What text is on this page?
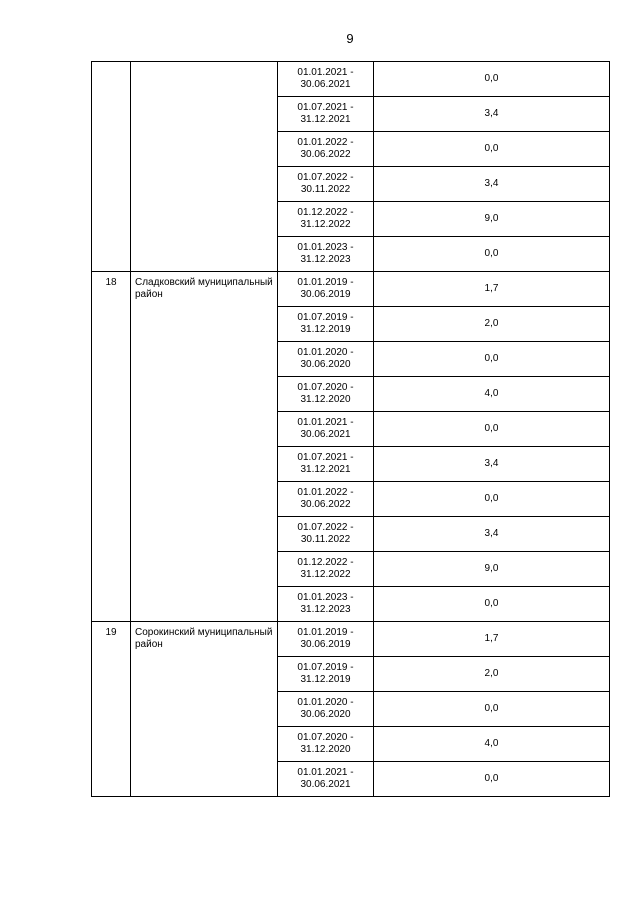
9

		01.01.2021 -
30.06.2021	0,0

		01.07.2021 -
31.12.2021	3,4

		01.01.2022 -
30.06.2022	0,0

		01.07.2022 -
30.11.2022	3,4

		01.12.2022 -
31.12.2022	9,0

		01.01.2023 -
31.12.2023	0,0
18	Сладковский муниципальный район	01.01.2019 -
30.06.2019	1,7

		01.07.2019 -
31.12.2019	2,0

		01.01.2020 -
30.06.2020	0,0

		01.07.2020 -
31.12.2020	4,0

		01.01.2021 -
30.06.2021	0,0

		01.07.2021 -
31.12.2021	3,4

		01.01.2022 -
30.06.2022	0,0

		01.07.2022 -
30.11.2022	3,4

		01.12.2022 -
31.12.2022	9,0

		01.01.2023 -
31.12.2023	0,0
19	Сорокинский муниципальный район	01.01.2019 -
30.06.2019	1,7

		01.07.2019 -
31.12.2019	2,0

		01.01.2020 -
30.06.2020	0,0

		01.07.2020 -
31.12.2020	4,0

		01.01.2021 -
30.06.2021	0,0
